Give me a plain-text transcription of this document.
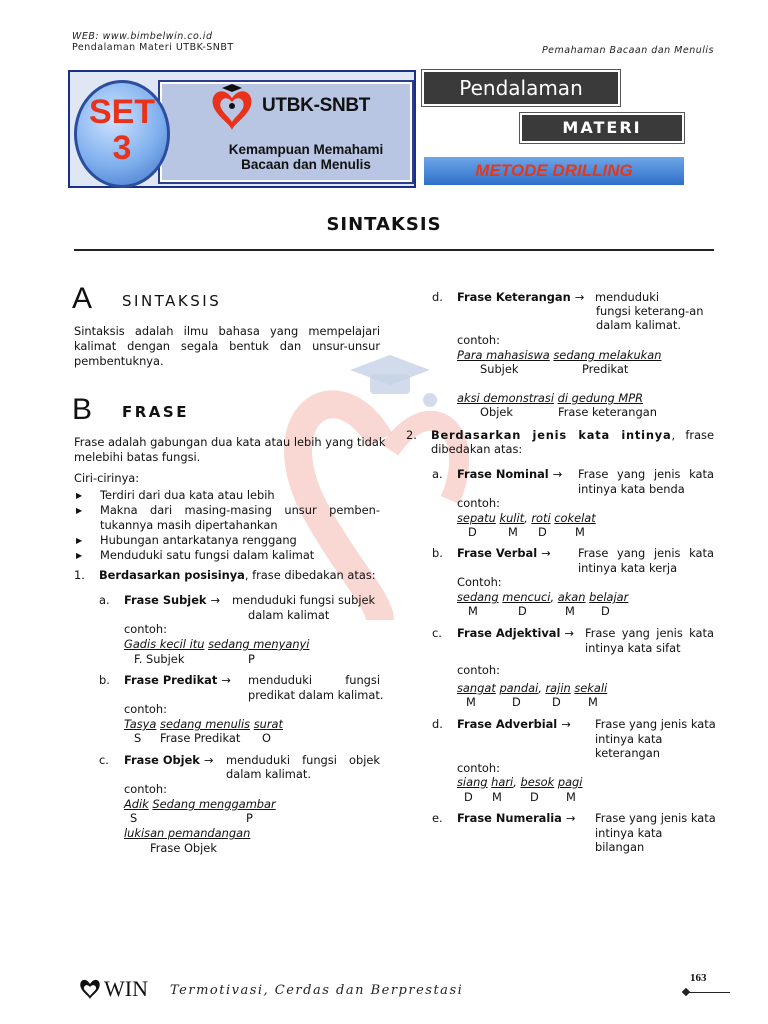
WEB: www.bimbelwin.co.id
Pendalaman Materi UTBK-SNBT	Pemahaman Bacaan dan Menulis
SET
3
UTBK-SNBT
Kemampuan Memahami
Bacaan dan Menulis
Pendalaman
MATERI
METODE DRILLING
SINTAKSIS
A SINTAKSIS
Sintaksis adalah ilmu bahasa yang mempelajari kalimat dengan segala bentuk dan unsur-unsur pembentuknya.
B FRASE
Frase adalah gabungan dua kata atau lebih yang tidak melebihi batas fungsi.
Ciri-cirinya:
▶ Terdiri dari dua kata atau lebih
▶ Makna dari masing-masing unsur pemben-tukannya masih dipertahankan
▶ Hubungan antarkatanya renggang
▶ Menduduki satu fungsi dalam kalimat
1. Berdasarkan posisinya, frase dibedakan atas:
a. Frase Subjek → menduduki fungsi subjek
dalam kalimat
contoh:
Gadis kecil itu sedang menyanyi
F. Subjek	P
b. Frase Predikat → menduduki fungsi
predikat dalam kalimat.
contoh:
Tasya sedang menulis surat
S Frase Predikat O
c. Frase Objek → menduduki fungsi objek
dalam kalimat.
contoh:
Adik Sedang menggambar
S	P
lukisan pemandangan
Frase Objek
d. Frase Keterangan → menduduki
fungsi keterang-an
dalam kalimat.
contoh:
Para mahasiswa sedang melakukan
Subjek	Predikat
aksi demonstrasi di gedung MPR
Objek	Frase keterangan
2. Berdasarkan jenis kata intinya, frase
dibedakan atas:
a. Frase Nominal → Frase yang jenis kata
intinya kata benda
contoh:
sepatu kulit, roti cokelat
D	M D M
b. Frase Verbal → Frase yang jenis kata
intinya kata kerja
Contoh:
sedang mencuci, akan belajar
M	D	M D
c. Frase Adjektival → Frase yang jenis kata
intinya kata sifat
contoh:
sangat pandai, rajin sekali
M	D	D M
d. Frase Adverbial → Frase yang jenis kata
intinya kata
keterangan
contoh:
siang hari, besok pagi
D M D M
e. Frase Numeralia → Frase yang jenis kata
intinya kata
bilangan
WIN Termotivasi, Cerdas dan Berprestasi
163
